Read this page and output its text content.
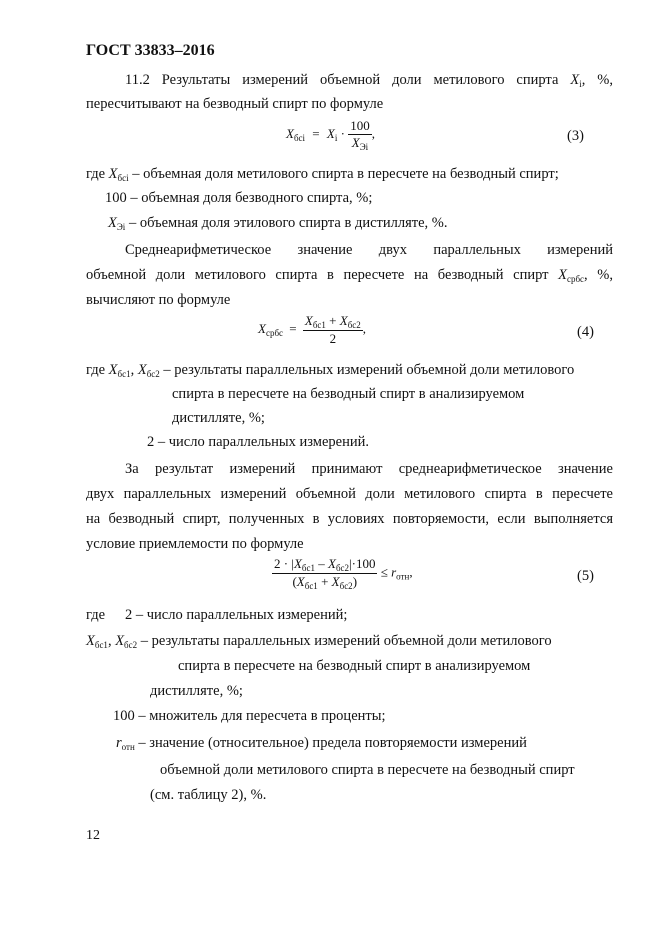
ГОСТ 33833–2016
11.2 Результаты измерений объемной доли метилового спирта $X_i$, %,
пересчитывают на безводный спирт по формуле
$X_{бci} = X_i \cdot \frac{100}{X_{Эi}}$ ,	(3)
где $X_{бci}$ – объемная доля метилового спирта в пересчете на безводный спирт;
100 – объемная доля безводного спирта, %;
$X_{Эi}$ – объемная доля этилового спирта в дистилляте, %.
Среднеарифметическое значение двух параллельных измерений
объемной доли метилового спирта в пересчете на безводный спирт $X_{србс}$, %,
вычисляют по формуле
$X_{србс} = \frac{X_{бс1} + X_{бс2}}{2}$ ,	(4)
где $X_{бс1}$, $X_{бс2}$ – результаты параллельных измерений объемной доли метилового
спирта в пересчете на безводный спирт в анализируемом
дистилляте, %;
2 – число параллельных измерений.
За результат измерений принимают среднеарифметическое значение
двух параллельных измерений объемной доли метилового спирта в пересчете
на безводный спирт, полученных в условиях повторяемости, если выполняется
условие приемлемости по формуле
$\frac{2 \cdot |X_{бс1} - X_{бс2}|\cdot 100}{(X_{бс1} + X_{бс2})} \le r_{отн}$,	(5)
где 2 – число параллельных измерений;
$X_{бс1}$, $X_{бс2}$ – результаты параллельных измерений объемной доли метилового
спирта в пересчете на безводный спирт в анализируемом
дистилляте, %;
100 – множитель для пересчета в проценты;
$r_{отн}$ – значение (относительное) предела повторяемости измерений
объемной доли метилового спирта в пересчете на безводный спирт
(см. таблицу 2), %.
12
